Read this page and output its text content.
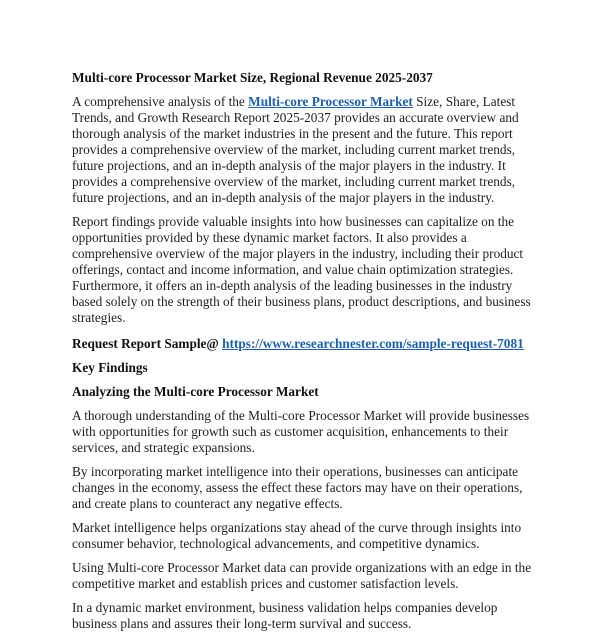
Multi-core Processor Market Size, Regional Revenue 2025-2037

A comprehensive analysis of the Multi-core Processor Market Size, Share, Latest Trends, and Growth Research Report 2025-2037 provides an accurate overview and thorough analysis of the market industries in the present and the future. This report provides a comprehensive overview of the market, including current market trends, future projections, and an in-depth analysis of the major players in the industry. It provides a comprehensive overview of the market, including current market trends, future projections, and an in-depth analysis of the major players in the industry.

Report findings provide valuable insights into how businesses can capitalize on the opportunities provided by these dynamic market factors. It also provides a comprehensive overview of the major players in the industry, including their product offerings, contact and income information, and value chain optimization strategies. Furthermore, it offers an in-depth analysis of the leading businesses in the industry based solely on the strength of their business plans, product descriptions, and business strategies.

Request Report Sample@ https://www.researchnester.com/sample-request-7081

Key Findings

Analyzing the Multi-core Processor Market

A thorough understanding of the Multi-core Processor Market will provide businesses with opportunities for growth such as customer acquisition, enhancements to their services, and strategic expansions.

By incorporating market intelligence into their operations, businesses can anticipate changes in the economy, assess the effect these factors may have on their operations, and create plans to counteract any negative effects.

Market intelligence helps organizations stay ahead of the curve through insights into consumer behavior, technological advancements, and competitive dynamics.

Using Multi-core Processor Market data can provide organizations with an edge in the competitive market and establish prices and customer satisfaction levels.

In a dynamic market environment, business validation helps companies develop business plans and assures their long-term survival and success.
